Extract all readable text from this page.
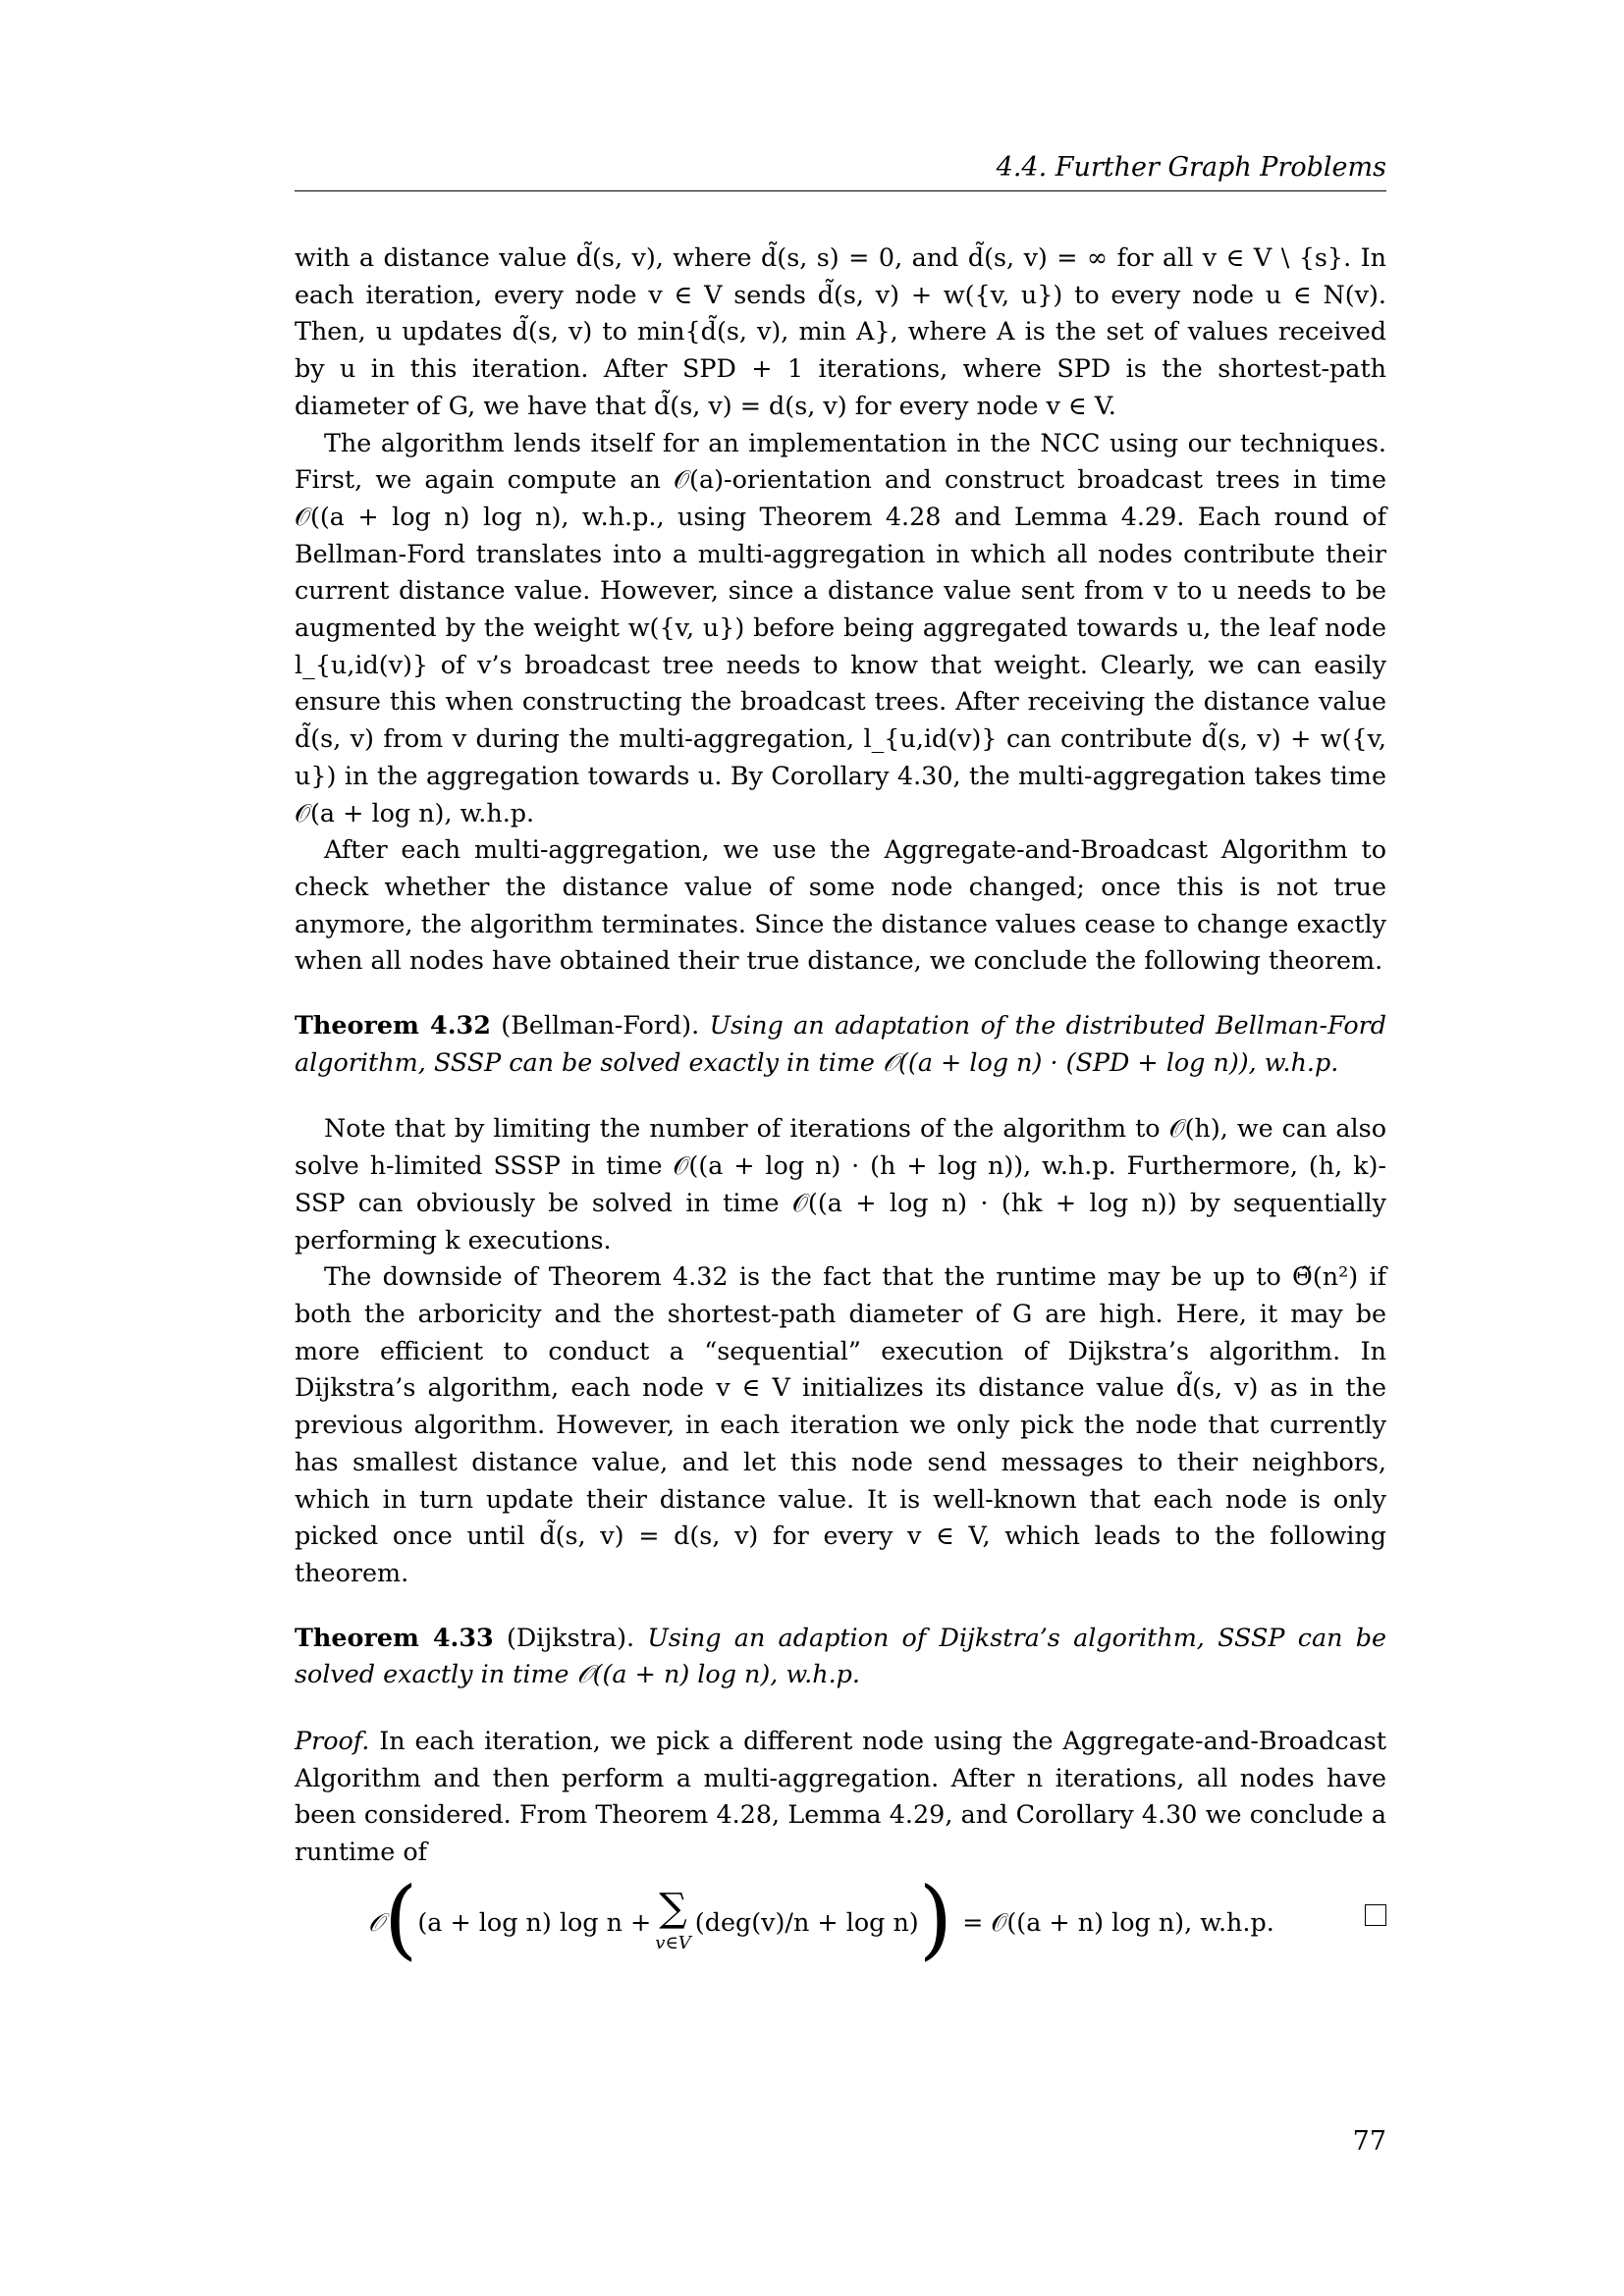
4.4. Further Graph Problems

with a distance value d̃(s, v), where d̃(s, s) = 0, and d̃(s, v) = ∞ for all v ∈ V \ {s}. In each iteration, every node v ∈ V sends d̃(s, v) + w({v, u}) to every node u ∈ N(v). Then, u updates d̃(s, v) to min{d̃(s, v), min A}, where A is the set of values received by u in this iteration. After SPD + 1 iterations, where SPD is the shortest-path diameter of G, we have that d̃(s, v) = d(s, v) for every node v ∈ V.

The algorithm lends itself for an implementation in the NCC using our techniques. First, we again compute an 𝒪(a)-orientation and construct broadcast trees in time 𝒪((a + log n) log n), w.h.p., using Theorem 4.28 and Lemma 4.29. Each round of Bellman-Ford translates into a multi-aggregation in which all nodes contribute their current distance value. However, since a distance value sent from v to u needs to be augmented by the weight w({v, u}) before being aggregated towards u, the leaf node l_{u,id(v)} of v’s broadcast tree needs to know that weight. Clearly, we can easily ensure this when constructing the broadcast trees. After receiving the distance value d̃(s, v) from v during the multi-aggregation, l_{u,id(v)} can contribute d̃(s, v) + w({v, u}) in the aggregation towards u. By Corollary 4.30, the multi-aggregation takes time 𝒪(a + log n), w.h.p.

After each multi-aggregation, we use the Aggregate-and-Broadcast Algorithm to check whether the distance value of some node changed; once this is not true anymore, the algorithm terminates. Since the distance values cease to change exactly when all nodes have obtained their true distance, we conclude the following theorem.

Theorem 4.32 (Bellman-Ford). Using an adaptation of the distributed Bellman-Ford algorithm, SSSP can be solved exactly in time 𝒪((a + log n) · (SPD + log n)), w.h.p.

Note that by limiting the number of iterations of the algorithm to 𝒪(h), we can also solve h-limited SSSP in time 𝒪((a + log n) · (h + log n)), w.h.p. Furthermore, (h, k)-SSP can obviously be solved in time 𝒪((a + log n) · (hk + log n)) by sequentially performing k executions.

The downside of Theorem 4.32 is the fact that the runtime may be up to Θ̃(n²) if both the arboricity and the shortest-path diameter of G are high. Here, it may be more efficient to conduct a “sequential” execution of Dijkstra’s algorithm. In Dijkstra’s algorithm, each node v ∈ V initializes its distance value d̃(s, v) as in the previous algorithm. However, in each iteration we only pick the node that currently has smallest distance value, and let this node send messages to their neighbors, which in turn update their distance value. It is well-known that each node is only picked once until d̃(s, v) = d(s, v) for every v ∈ V, which leads to the following theorem.

Theorem 4.33 (Dijkstra). Using an adaption of Dijkstra’s algorithm, SSSP can be solved exactly in time 𝒪((a + n) log n), w.h.p.

Proof. In each iteration, we pick a different node using the Aggregate-and-Broadcast Algorithm and then perform a multi-aggregation. After n iterations, all nodes have been considered. From Theorem 4.28, Lemma 4.29, and Corollary 4.30 we conclude a runtime of

𝒪 ( (a + log n) log n + ∑
v∈V
(deg(v)/n + log n) ) = 𝒪((a + n) log n), w.h.p.
77
